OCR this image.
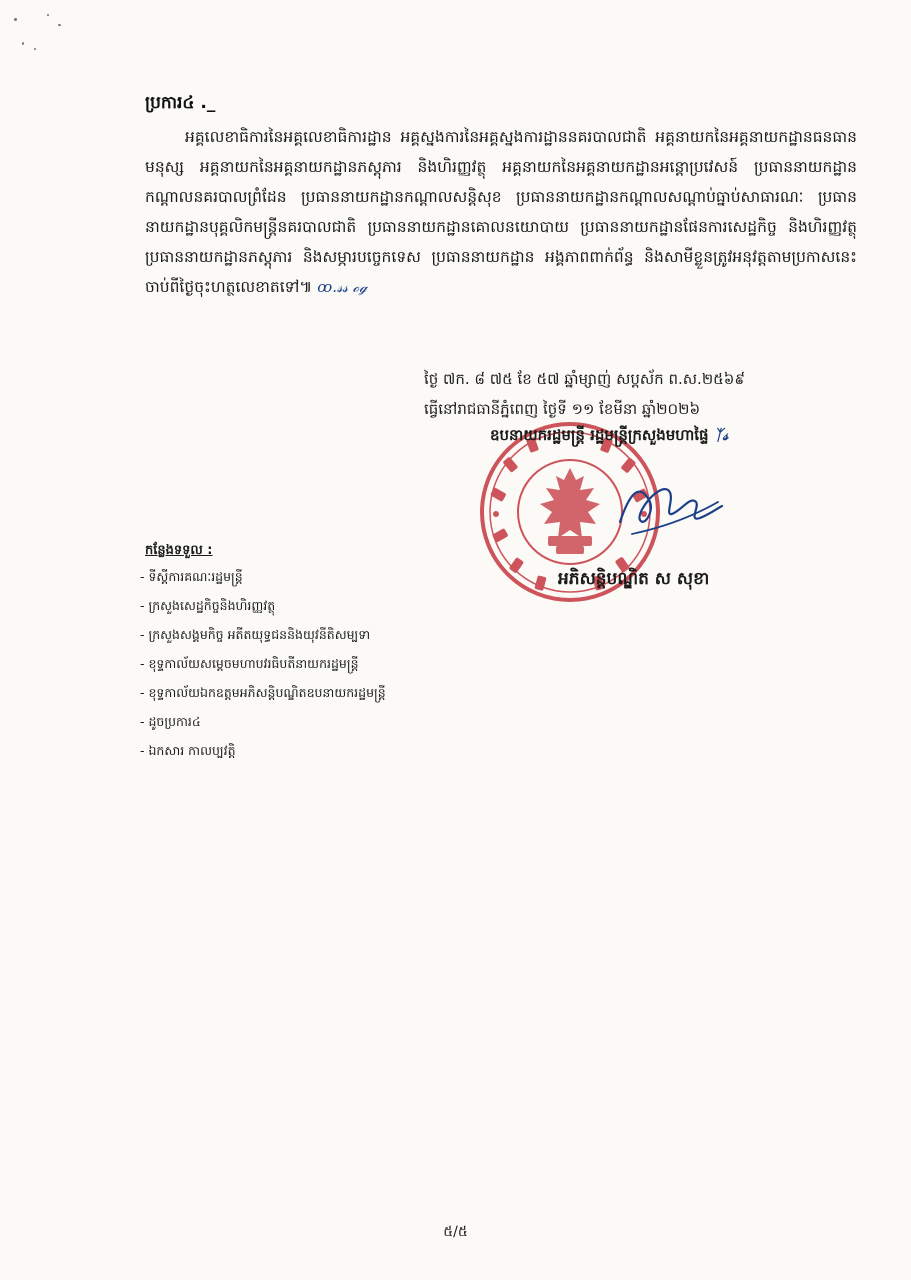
ប្រការ៤ ._
អគ្គលេខាធិការនៃអគ្គលេខាធិការដ្ឋាន អគ្គស្នងការនៃអគ្គស្នងការដ្ឋាននគរបាលជាតិ អគ្គនាយកនៃអគ្គនាយកដ្ឋានធនធានមនុស្ស អគ្គនាយកនៃអគ្គនាយកដ្ឋានភស្តុភារ និងហិរញ្ញវត្ថុ អគ្គនាយកនៃអគ្គនាយកដ្ឋានអន្តោប្រវេសន៍ ប្រធាននាយកដ្ឋានកណ្តាលនគរបាលព្រំដែន ប្រធាននាយកដ្ឋានកណ្តាលសន្តិសុខ ប្រធាននាយកដ្ឋានកណ្តាលសណ្តាប់ធ្នាប់សាធារណៈ ប្រធាននាយកដ្ឋានបុគ្គលិកមន្ត្រីនគរបាលជាតិ ប្រធាននាយកដ្ឋានគោលនយោបាយ ប្រធាននាយកដ្ឋានផែនការសេដ្ឋកិច្ច និងហិរញ្ញវត្ថុ ប្រធាននាយកដ្ឋានភស្តុភារ និងសម្ភារបច្ចេកទេស ប្រធាននាយកដ្ឋាន អង្គភាពពាក់ព័ន្ធ និងសាមីខ្លួនត្រូវអនុវត្តតាមប្រកាសនេះ ចាប់ពីថ្ងៃចុះហត្ថលេខាតទៅ៕ ꝏ.𝓈𝓈 ℴℊ
ថ្ងៃ ៧ក. ៨ ៧៥ ខែ ៥៧ ឆ្នាំម្សាញ់ សប្តស័ក ព.ស.២៥៦៩
ធ្វើនៅរាជធានីភ្នំពេញ ថ្ងៃទី ១១ ខែមីនា ឆ្នាំ២០២៦
ឧបនាយករដ្ឋមន្ត្រី រដ្ឋមន្ត្រីក្រសួងមហាផ្ទៃ ᛉ𝓈
អភិសន្តិបណ្ឌិត ស សុខា
កន្លែងទទួល :
- ទីស្តីការគណៈរដ្ឋមន្ត្រី
- ក្រសួងសេដ្ឋកិច្ចនិងហិរញ្ញវត្ថុ
- ក្រសួងសង្គមកិច្ច អតីតយុទ្ធជននិងយុវនីតិសម្បទា
- ខុទ្ទកាល័យសម្តេចមហាបវរធិបតីនាយករដ្ឋមន្ត្រី
- ខុទ្ទកាល័យឯកឧត្តមអភិសន្តិបណ្ឌិតឧបនាយករដ្ឋមន្ត្រី
- ដូចប្រការ៤
- ឯកសារ កាលប្បវត្តិ
៥/៥
